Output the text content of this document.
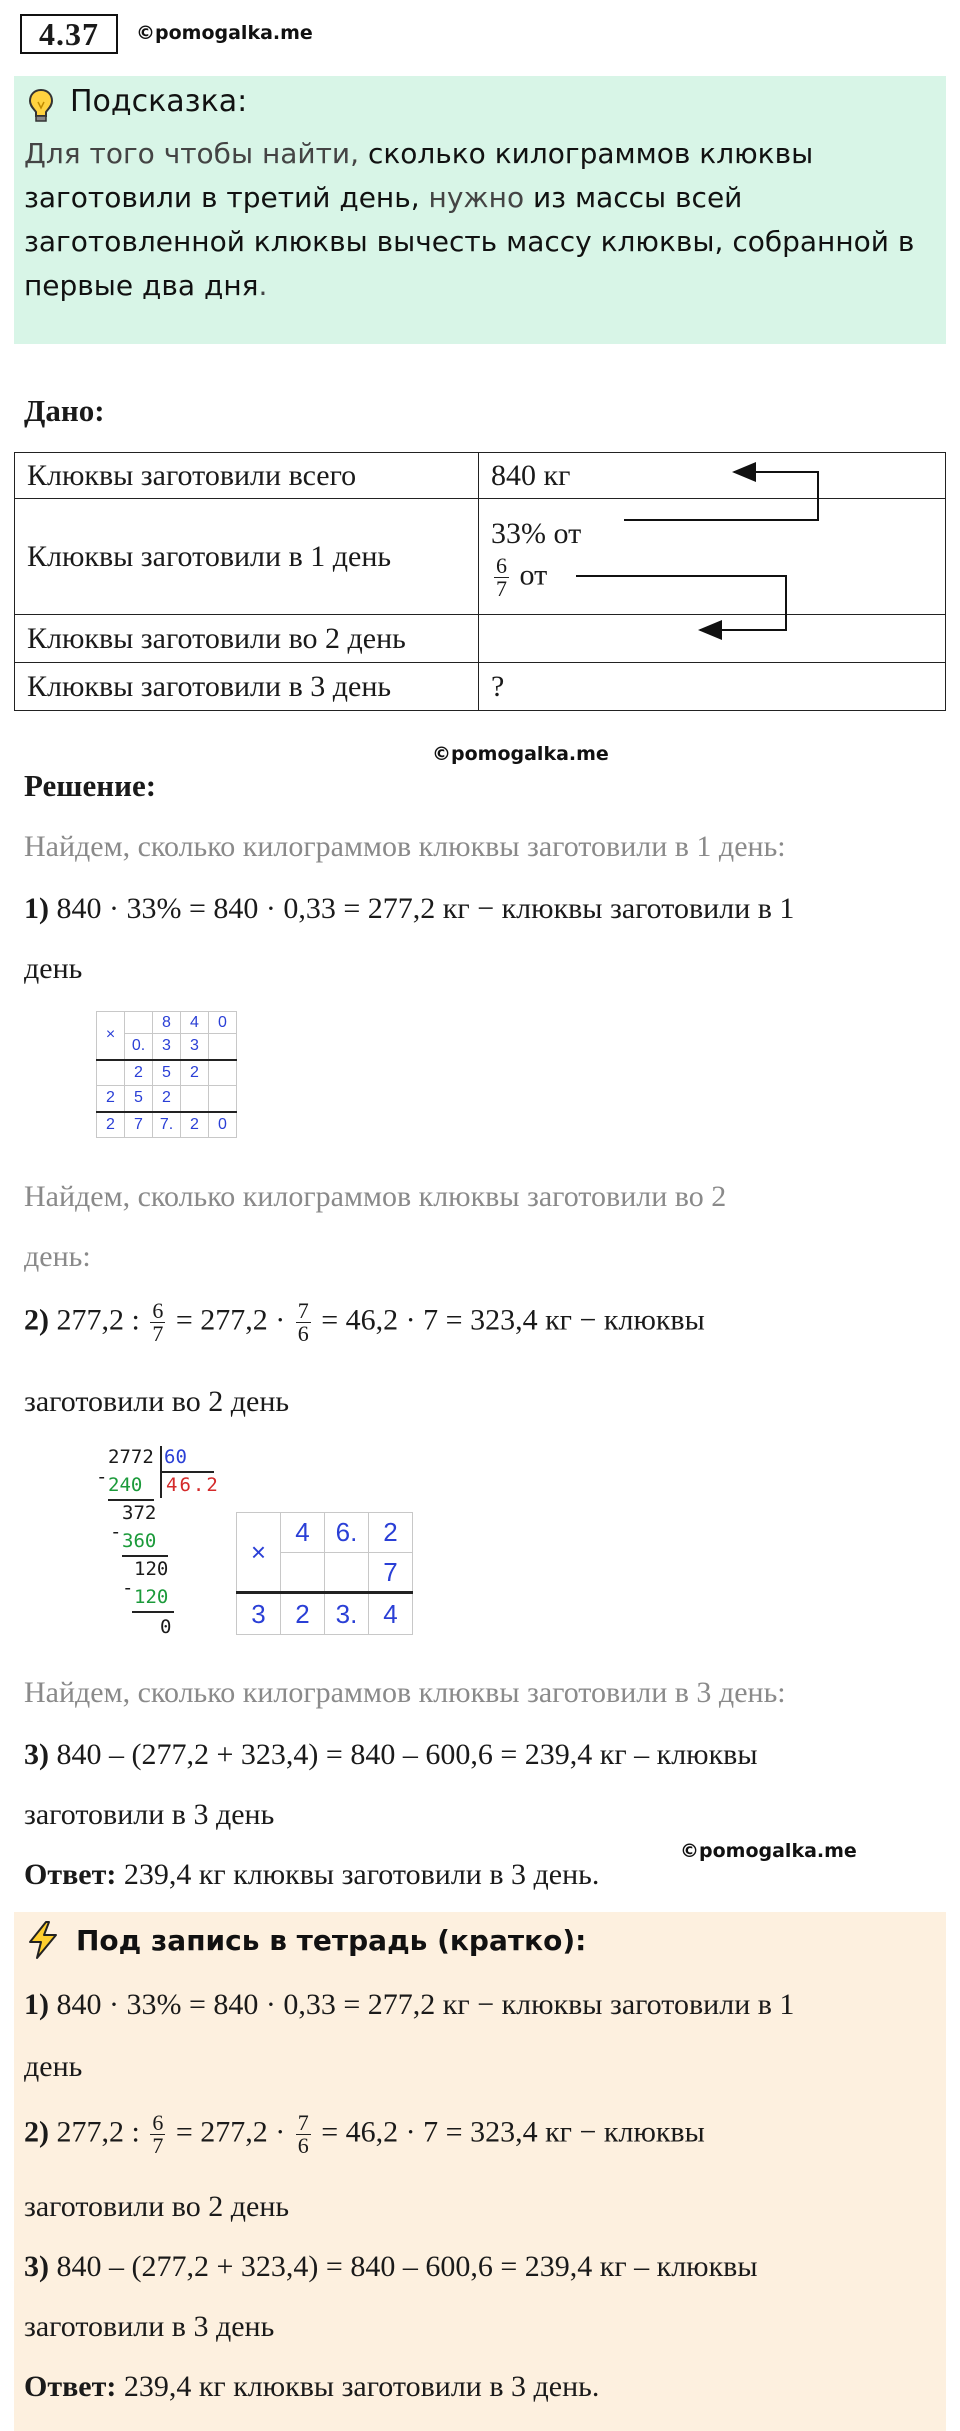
4.37	©pomogalka.me
Подсказка:
Для того чтобы найти, сколько килограммов клюквы
заготовили в третий день, нужно из массы всей
заготовленной клюквы вычесть массу клюквы, собранной в
первые два дня.
Дано:
Клюквы заготовили всего	840 кг
Клюквы заготовили в 1 день	33% от
$\frac{6}{7}$ от

Клюквы заготовили во 2 день	
Клюквы заготовили в 3 день	?
©pomogalka.me
Решение:
Найдем, сколько килограммов клюквы заготовили в 1 день:
1) 840 · 33% = 840 · 0,33 = 277,2 кг − клюквы заготовили в 1
день
×		8	4	0
	0.	3	3	
	2	5	2	
2	5	2		
2	7	7.	2	0
Найдем, сколько килограммов клюквы заготовили во 2
день:
2) 277,2 : $\frac{6}{7} = 277,2 \cdot \frac{7}{6} = 46,2 \cdot 7 = 323,4$ кг − клюквы
заготовили во 2 день
2772 60
46.2
- 240
372
- 360
120
- 120
0
×	4	6.	2
			7
3	2	3.	4
Найдем, сколько килограммов клюквы заготовили в 3 день:
3) 840 – (277,2 + 323,4) = 840 – 600,6 = 239,4 кг – клюквы
заготовили в 3 день
©pomogalka.me
Ответ: 239,4 кг клюквы заготовили в 3 день.
Под запись в тетрадь (кратко):
1) 840 · 33% = 840 · 0,33 = 277,2 кг − клюквы заготовили в 1
день
2) 277,2 : $\frac{6}{7} = 277,2 \cdot \frac{7}{6} = 46,2 \cdot 7 = 323,4$ кг − клюквы
заготовили во 2 день
3) 840 – (277,2 + 323,4) = 840 – 600,6 = 239,4 кг – клюквы
заготовили в 3 день
Ответ: 239,4 кг клюквы заготовили в 3 день.
